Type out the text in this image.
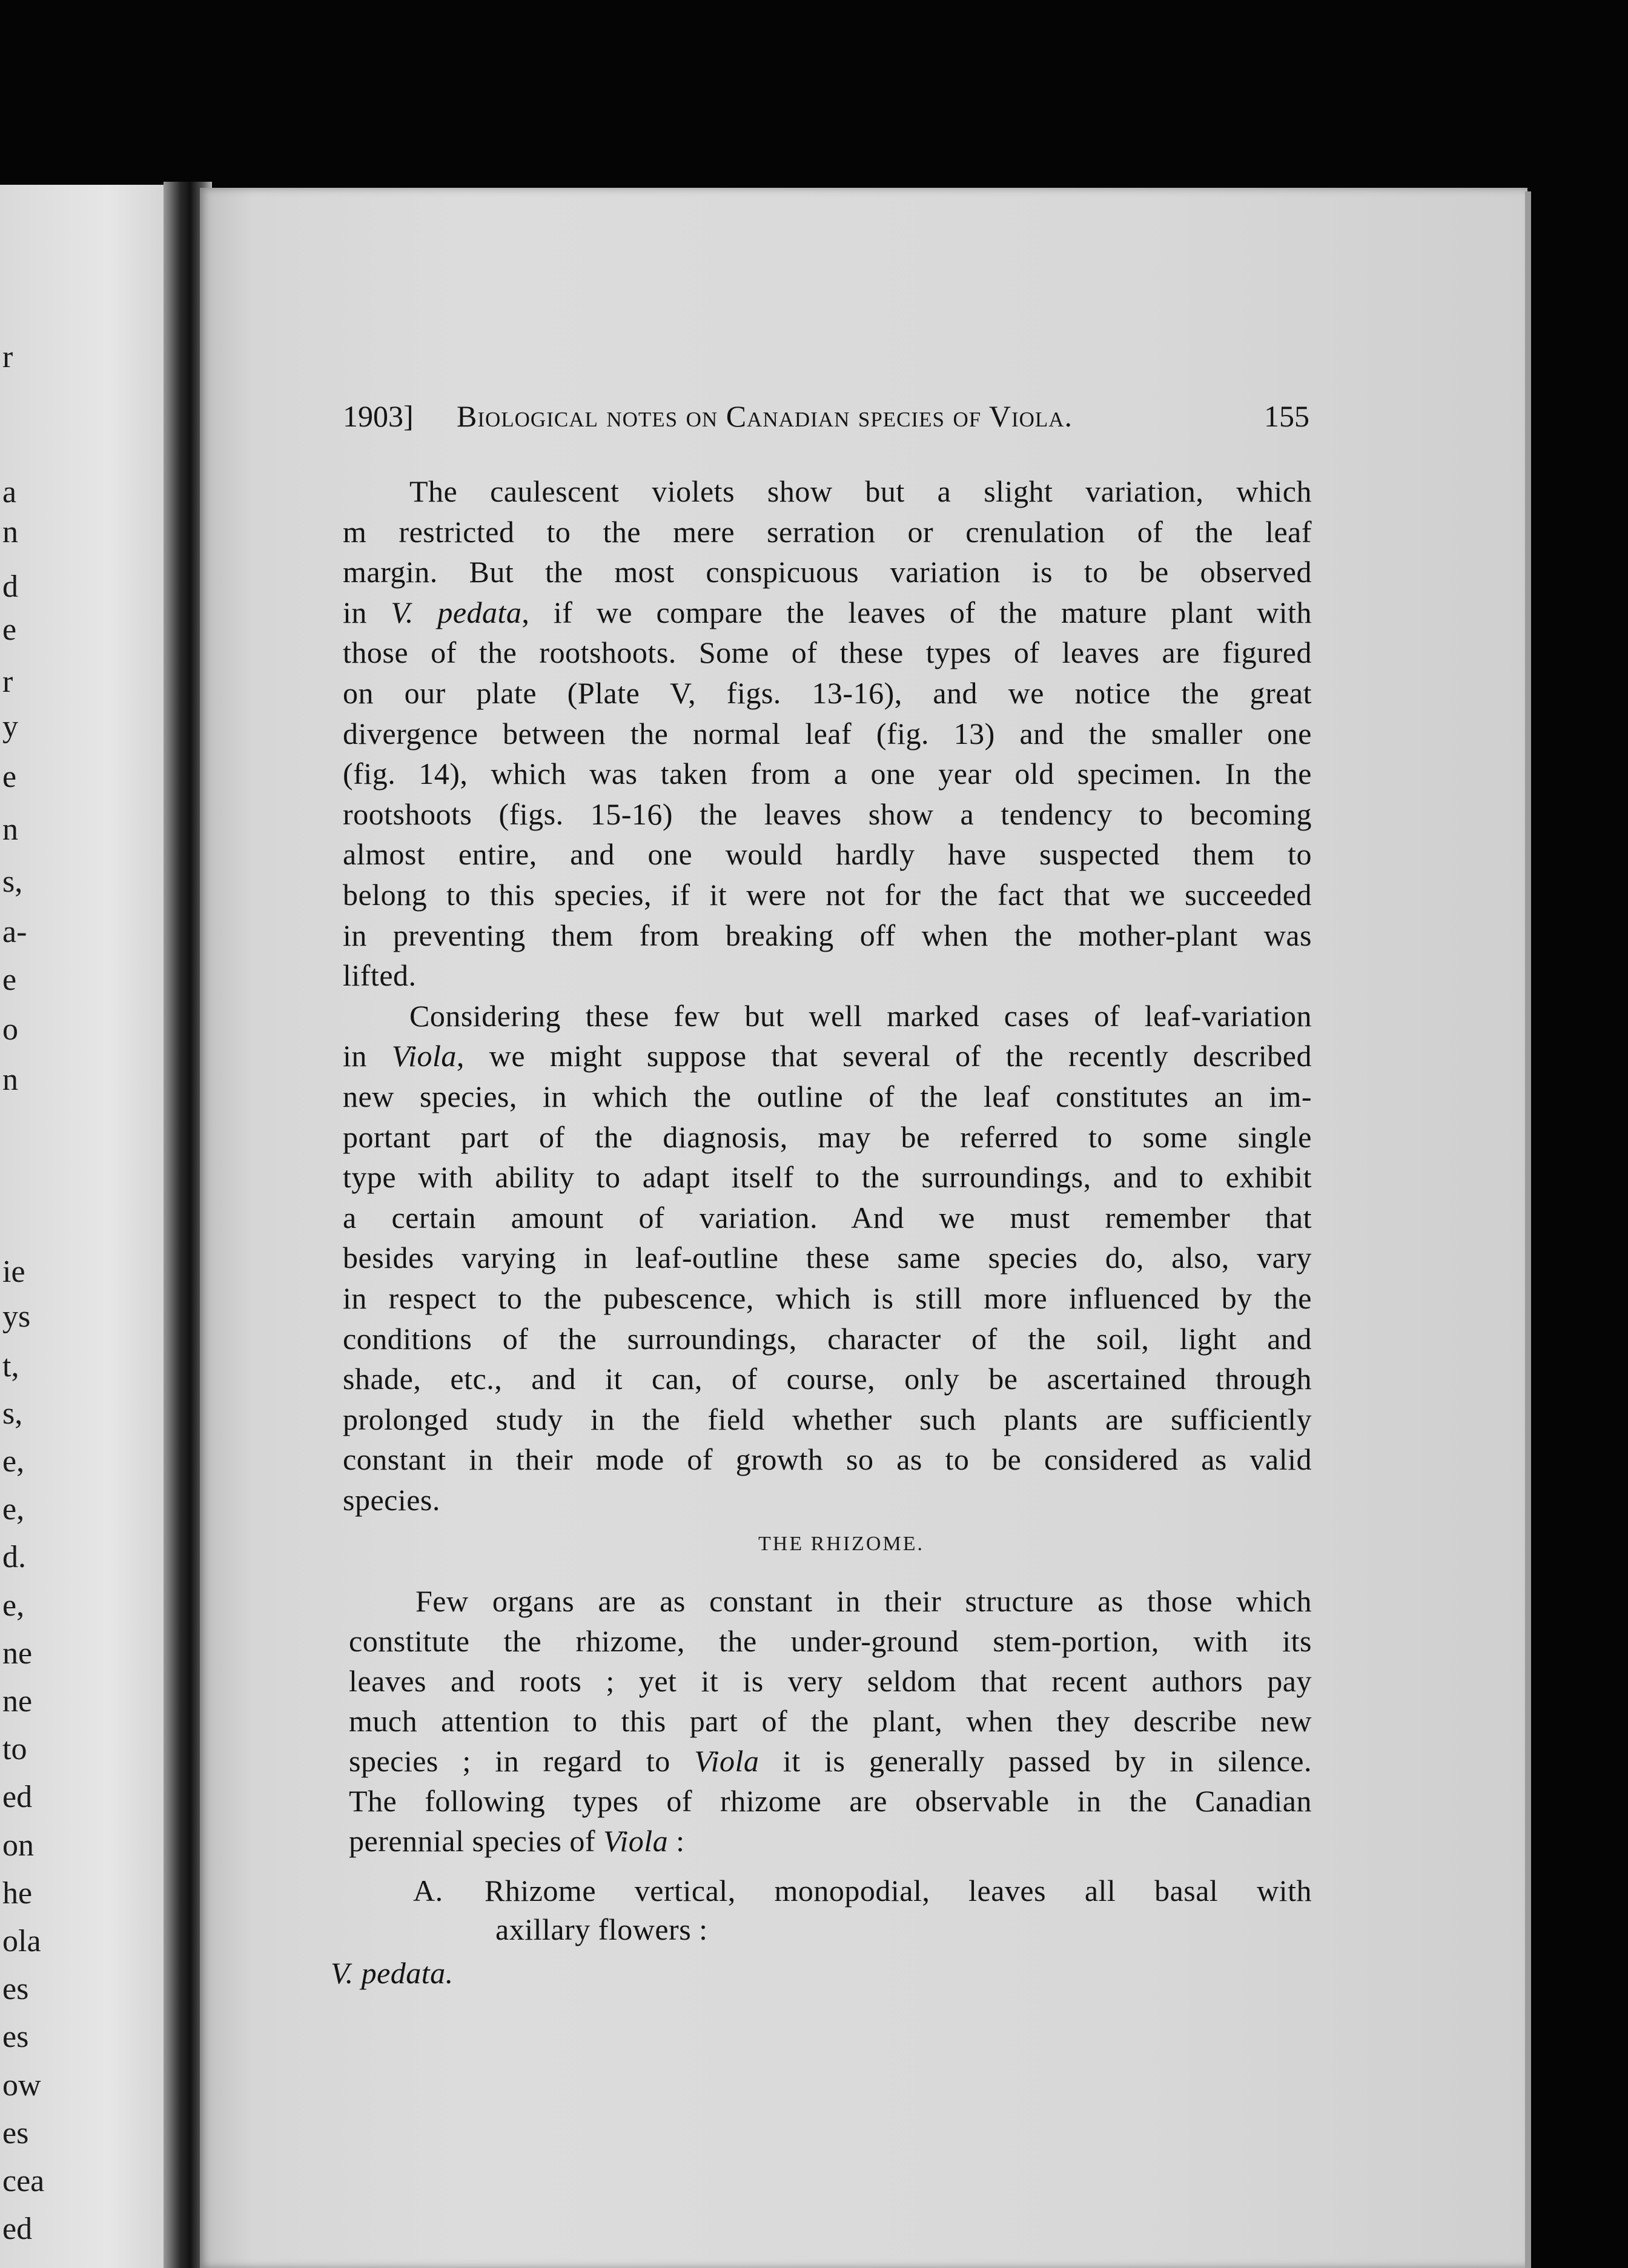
r
a
n
d
e
r
y
e
n
s,
a-
e
o
n
ie
ys
t,
s,
e,
e,
d.
e,
ne
ne
to
ed
on
he
ola
es
es
ow
es
cea
ed
1903] Biological notes on Canadian species of Viola.	155
THE RHIZOME.
A.
The caulescent violets show but a slight variation, which
m restricted to the mere serration or crenulation of the leaf
margin. But the most conspicuous variation is to be observed
in V. pedata, if we compare the leaves of the mature plant with
those of the rootshoots. Some of these types of leaves are figured
on our plate (Plate V, figs. 13-16), and we notice the great
divergence between the normal leaf (fig. 13) and the smaller one
(fig. 14), which was taken from a one year old specimen. In the
rootshoots (figs. 15-16) the leaves show a tendency to becoming
almost entire, and one would hardly have suspected them to
belong to this species, if it were not for the fact that we succeeded
in preventing them from breaking off when the mother-plant was
lifted.
Considering these few but well marked cases of leaf-variation
in Viola, we might suppose that several of the recently described
new species, in which the outline of the leaf constitutes an im-
portant part of the diagnosis, may be referred to some single
type with ability to adapt itself to the surroundings, and to exhibit
a certain amount of variation. And we must remember that
besides varying in leaf-outline these same species do, also, vary
in respect to the pubescence, which is still more influenced by the
conditions of the surroundings, character of the soil, light and
shade, etc., and it can, of course, only be ascertained through
prolonged study in the field whether such plants are sufficiently
constant in their mode of growth so as to be considered as valid
species.
Few organs are as constant in their structure as those which
constitute the rhizome, the under-ground stem-portion, with its
leaves and roots ; yet it is very seldom that recent authors pay
much attention to this part of the plant, when they describe new
species ; in regard to Viola it is generally passed by in silence.
The following types of rhizome are observable in the Canadian
perennial species of Viola :
Rhizome vertical, monopodial, leaves all basal with
axillary flowers :
V. pedata.
